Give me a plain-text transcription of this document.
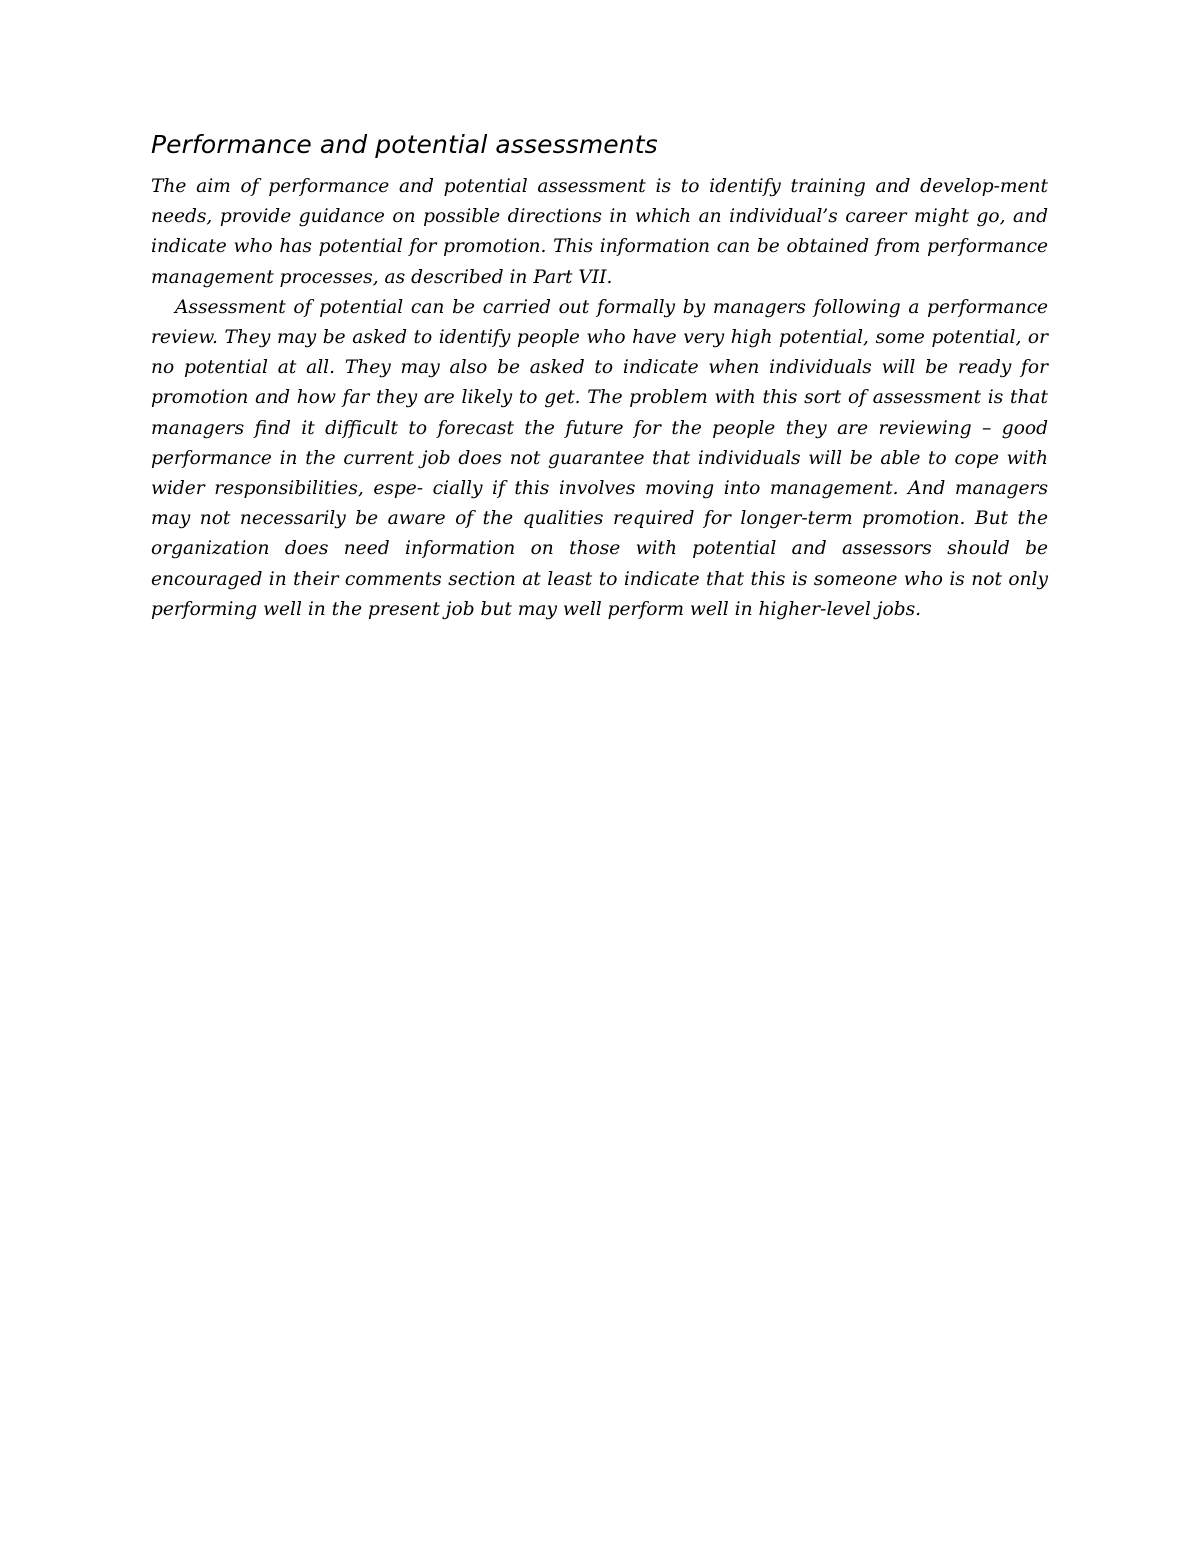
Performance and potential assessments

The aim of performance and potential assessment is to identify training and develop-ment needs, provide guidance on possible directions in which an individual’s career might go, and indicate who has potential for promotion. This information can be obtained from performance management processes, as described in Part VII.

Assessment of potential can be carried out formally by managers following a performance review. They may be asked to identify people who have very high potential, some potential, or no potential at all. They may also be asked to indicate when individuals will be ready for promotion and how far they are likely to get. The problem with this sort of assessment is that managers find it difficult to forecast the future for the people they are reviewing – good performance in the current job does not guarantee that individuals will be able to cope with wider responsibilities, espe- cially if this involves moving into management. And managers may not necessarily be aware of the qualities required for longer-term promotion. But the organization does need information on those with potential and assessors should be encouraged in their comments section at least to indicate that this is someone who is not only performing well in the present job but may well perform well in higher-level jobs.
